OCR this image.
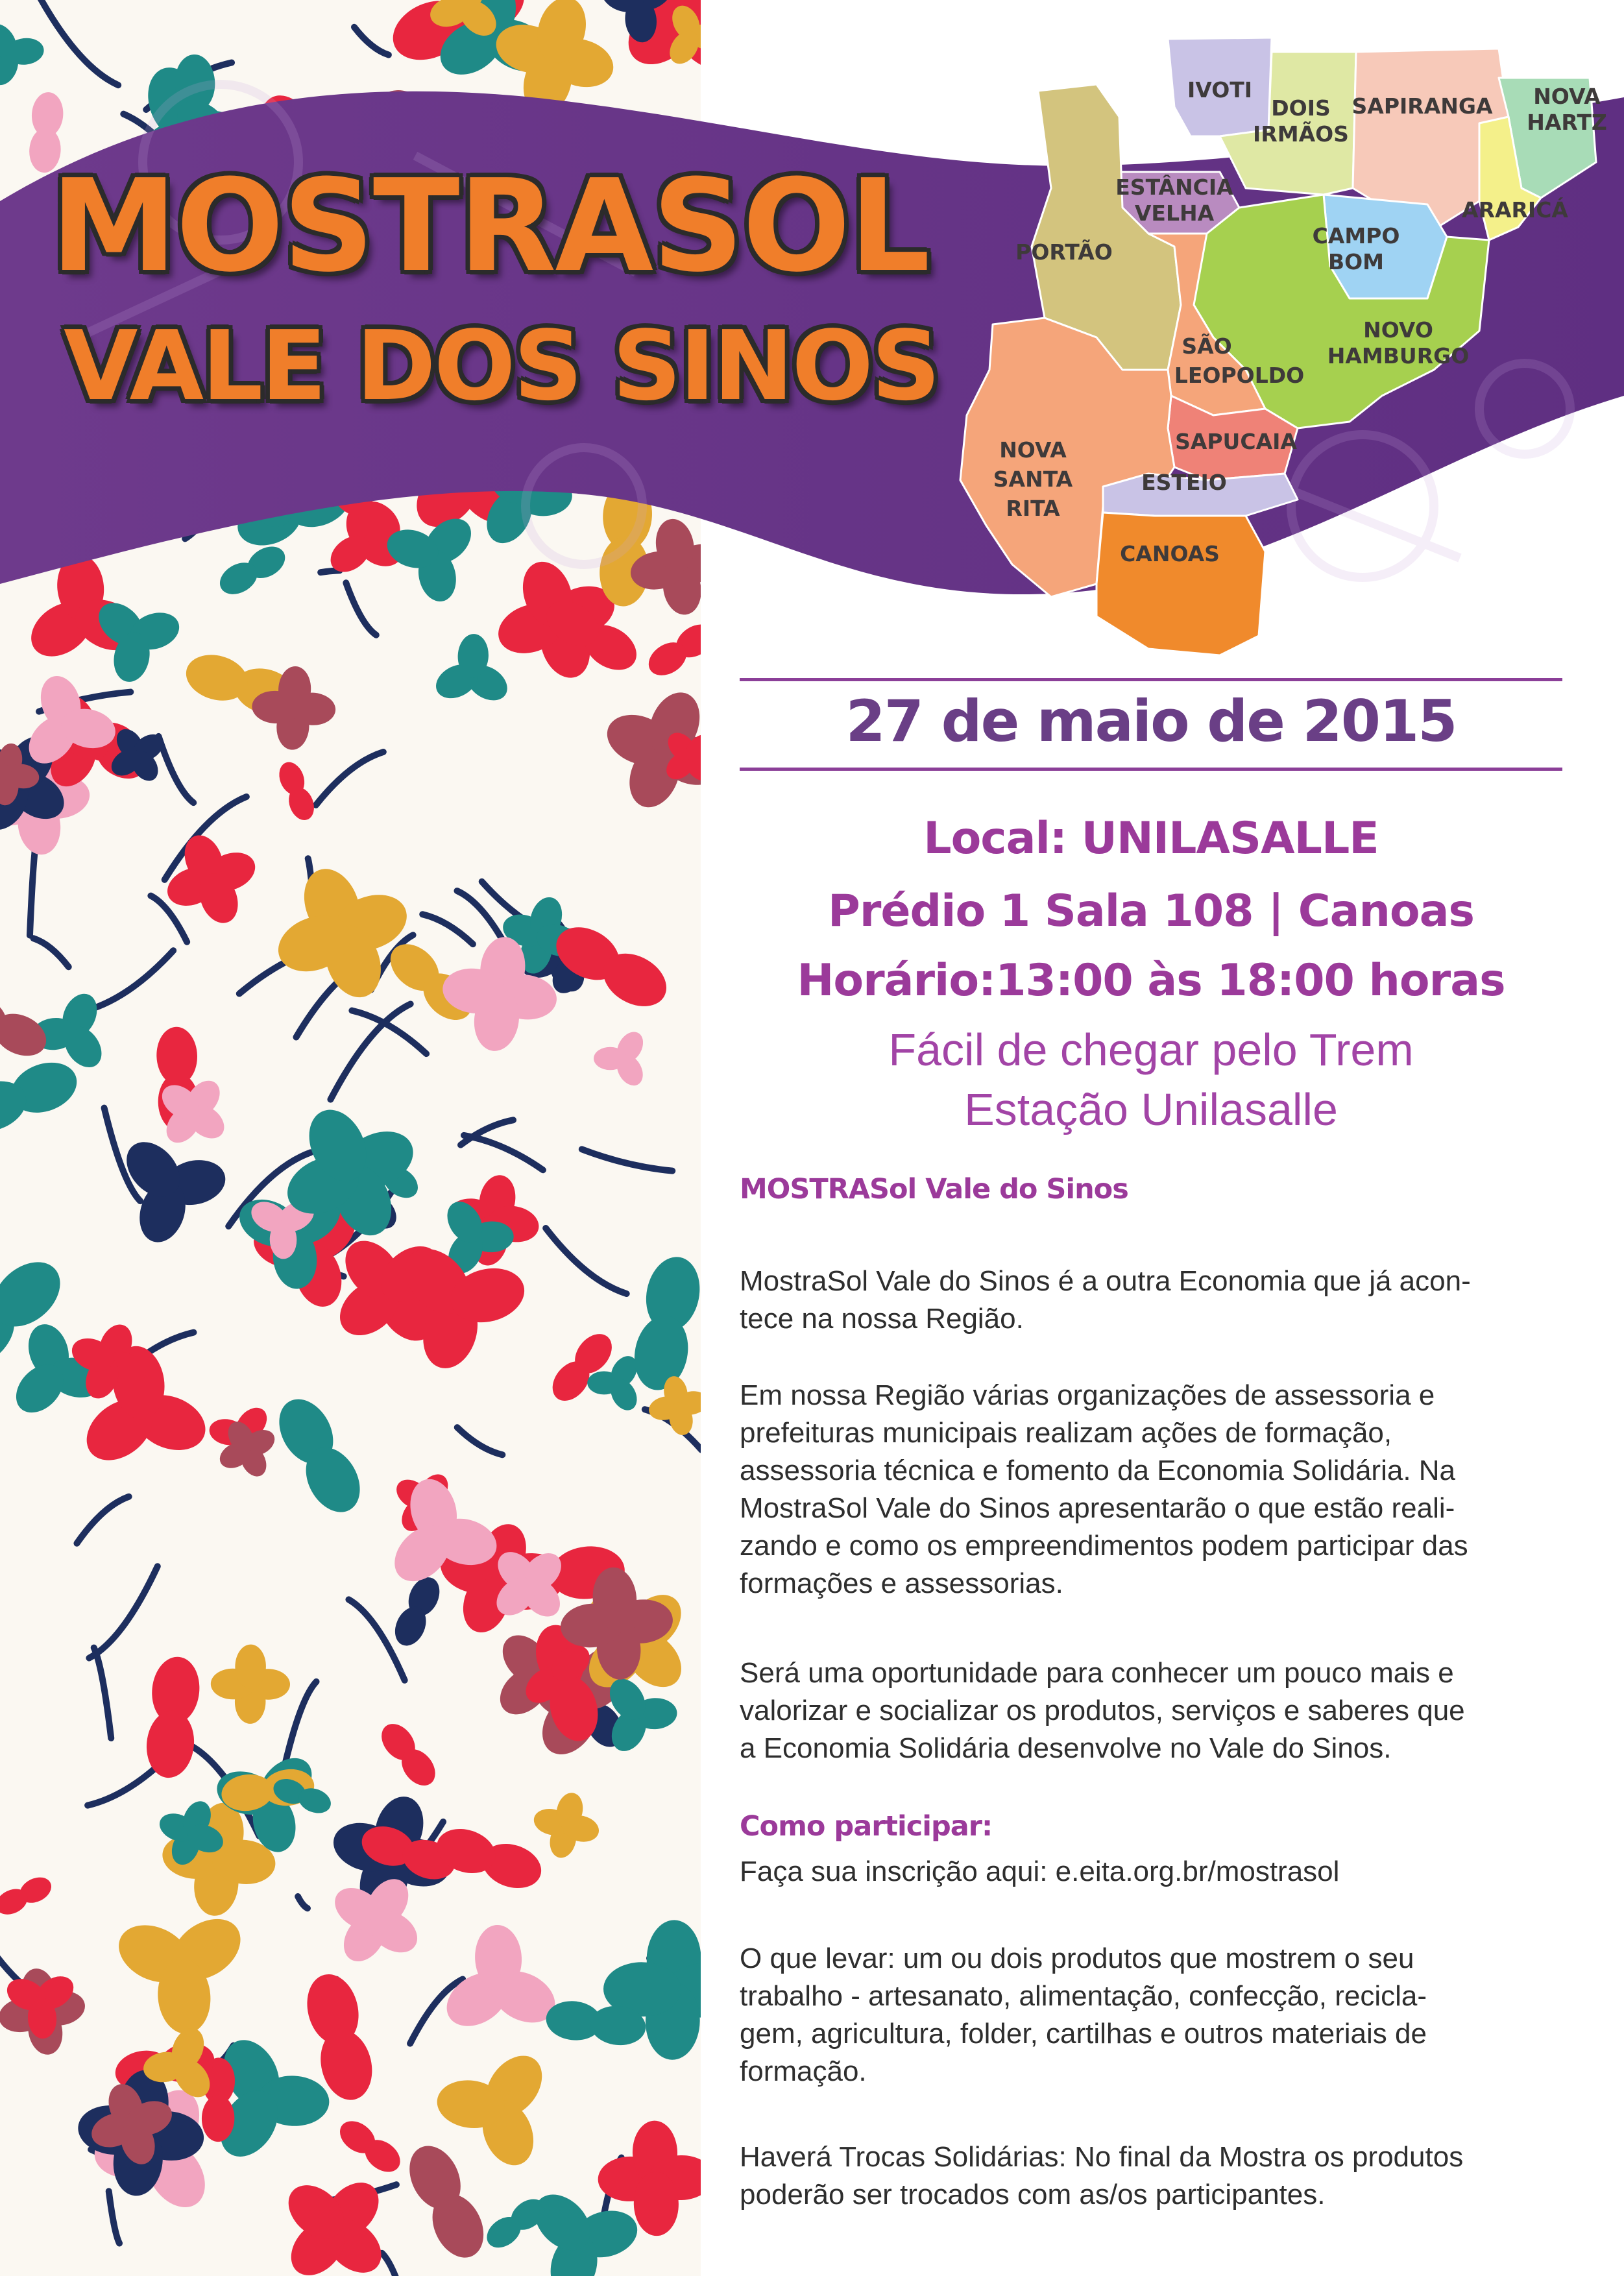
MOSTRASOL
VALE DOS SINOS
IVOTI
DOIS IRMÃOS
SAPIRANGA	NOVA HARTZ
ESTÂNCIA VELHA	ARARICÁ
PORTÃO
CAMPO BOM
NOVO HAMBURGO
SÃO LEOPOLDO
SAPUCAIA
NOVA SANTA RITA
ESTEIO
CANOAS
27 de maio de 2015
Local: UNILASALLE
Prédio 1 Sala 108 | Canoas
Horário:13:00 às 18:00 horas
Fácil de chegar pelo Trem
Estação Unilasalle
MOSTRASol Vale do Sinos
MostraSol Vale do Sinos é a outra Economia que já acon-
tece na nossa Região.
Em nossa Região várias organizações de assessoria e
prefeituras municipais realizam ações de formação,
assessoria técnica e fomento da Economia Solidária. Na
MostraSol Vale do Sinos apresentarão o que estão reali-
zando e como os empreendimentos podem participar das
formações e assessorias.
Será uma oportunidade para conhecer um pouco mais e
valorizar e socializar os produtos, serviços e saberes que
a Economia Solidária desenvolve no Vale do Sinos.
Como participar:
Faça sua inscrição aqui: e.eita.org.br/mostrasol
O que levar: um ou dois produtos que mostrem o seu
trabalho - artesanato, alimentação, confecção, recicla-
gem, agricultura, folder, cartilhas e outros materiais de
formação.
Haverá Trocas Solidárias: No final da Mostra os produtos
poderão ser trocados com as/os participantes.
